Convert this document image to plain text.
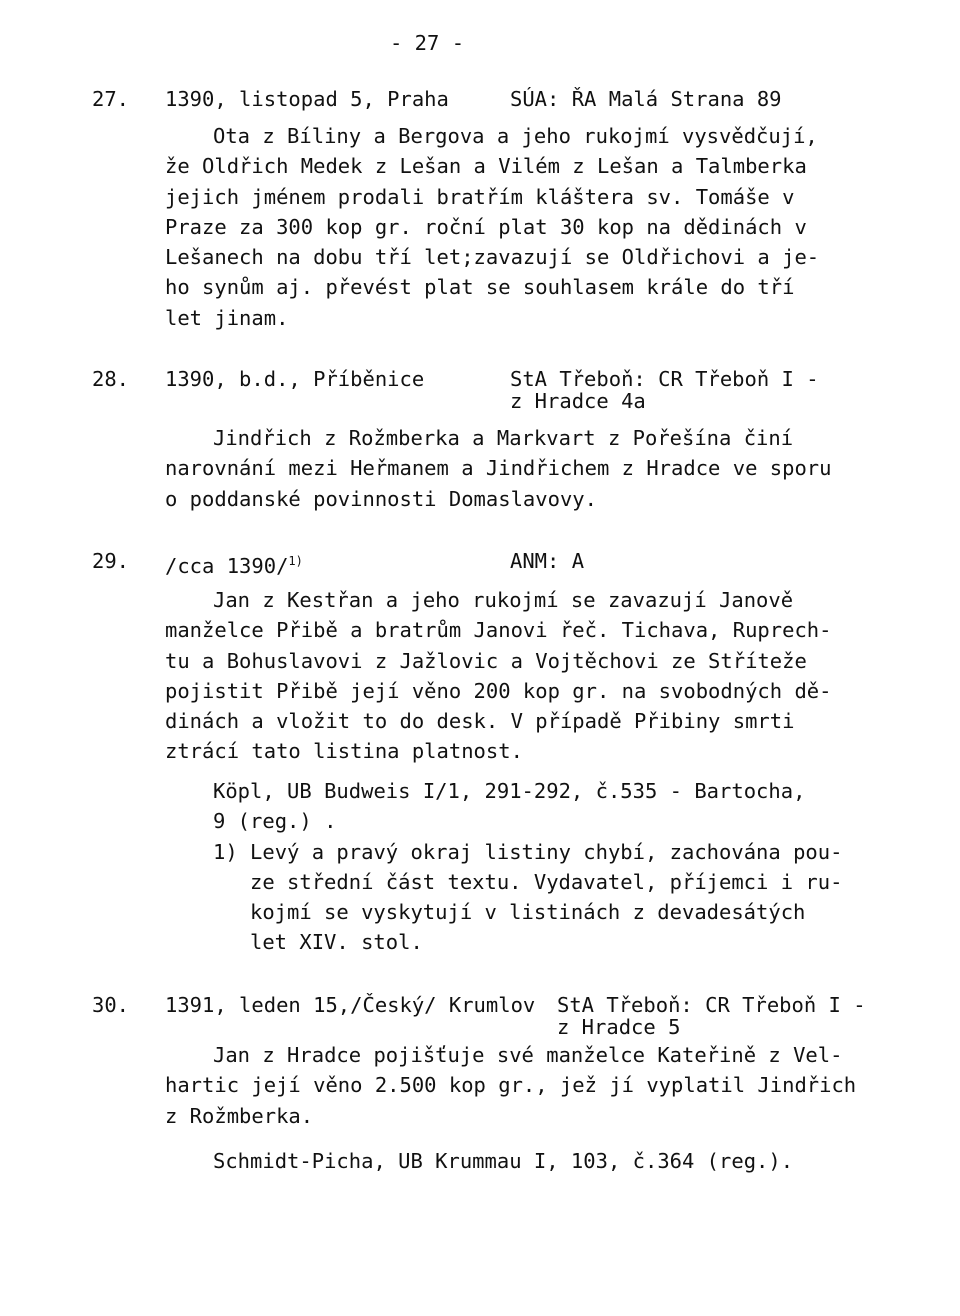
- 27 -
27. 1390, listopad 5, Praha	SÚA: ŘA Malá Strana 89
Ota z Bíliny a Bergova a jeho rukojmí vysvědčují,
že Oldřich Medek z Lešan a Vilém z Lešan a Talmberka
jejich jménem prodali bratřím kláštera sv. Tomáše v
Praze za 300 kop gr. roční plat 30 kop na dědinách v
Lešanech na dobu tří let;zavazují se Oldřichovi a je-
ho synům aj. převést plat se souhlasem krále do tří
let jinam.
28. 1390, b.d., Příběnice	StA Třeboň: CR Třeboň I -
z Hradce 4a
Jindřich z Rožmberka a Markvart z Pořešína činí
narovnání mezi Heřmanem a Jindřichem z Hradce ve sporu
o poddanské povinnosti Domaslavovy.
29. /cca 1390/$^{1)}$	ANM: A
Jan z Kestřan a jeho rukojmí se zavazují Janově
manželce Přibě a bratrům Janovi řeč. Tichava, Ruprech-
tu a Bohuslavovi z Jažlovic a Vojtěchovi ze Stříteže
pojistit Přibě její věno 200 kop gr. na svobodných dě-
dinách a vložit to do desk. V případě Přibiny smrti
ztrácí tato listina platnost.
Köpl, UB Budweis I/1, 291-292, č.535 - Bartocha,
9 (reg.) .
1) Levý a pravý okraj listiny chybí, zachována pou-
ze střední část textu. Vydavatel, příjemci i ru-
kojmí se vyskytují v listinách z devadesátých
let XIV. stol.
30. 1391, leden 15,/Český/ Krumlov StA Třeboň: CR Třeboň I -
z Hradce 5
Jan z Hradce pojišťuje své manželce Kateřině z Vel-
hartic její věno 2.500 kop gr., jež jí vyplatil Jindřich
z Rožmberka.
Schmidt-Picha, UB Krummau I, 103, č.364 (reg.).
